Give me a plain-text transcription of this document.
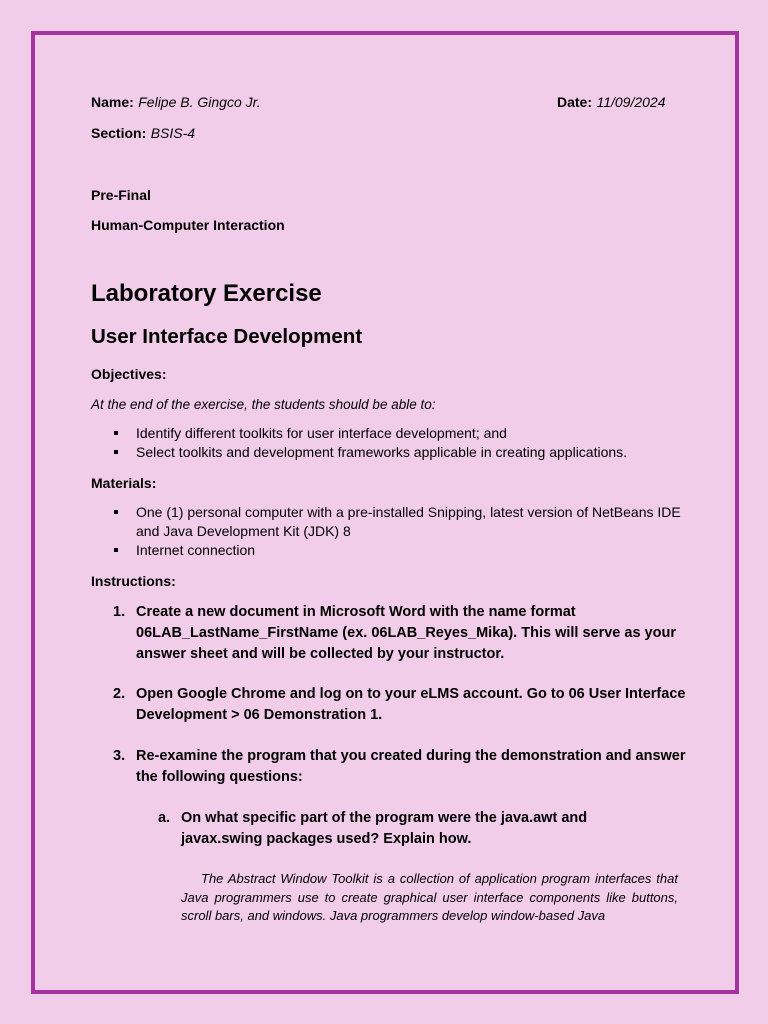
Name: Felipe B. Gingco Jr.	Date: 11/09/2024
Section: BSIS-4
Pre-Final
Human-Computer Interaction
Laboratory Exercise
User Interface Development
Objectives:
At the end of the exercise, the students should be able to:
Identify different toolkits for user interface development; and
Select toolkits and development frameworks applicable in creating applications.
Materials:
One (1) personal computer with a pre-installed Snipping, latest version of NetBeans IDE and Java Development Kit (JDK) 8
Internet connection
Instructions:
1. Create a new document in Microsoft Word with the name format 06LAB_LastName_FirstName (ex. 06LAB_Reyes_Mika). This will serve as your answer sheet and will be collected by your instructor.
2. Open Google Chrome and log on to your eLMS account. Go to 06 User Interface Development > 06 Demonstration 1.
3. Re-examine the program that you created during the demonstration and answer the following questions:
a. On what specific part of the program were the java.awt and javax.swing packages used? Explain how.

The Abstract Window Toolkit is a collection of application program interfaces that Java programmers use to create graphical user interface components like buttons, scroll bars, and windows. Java programmers develop window-based Java
